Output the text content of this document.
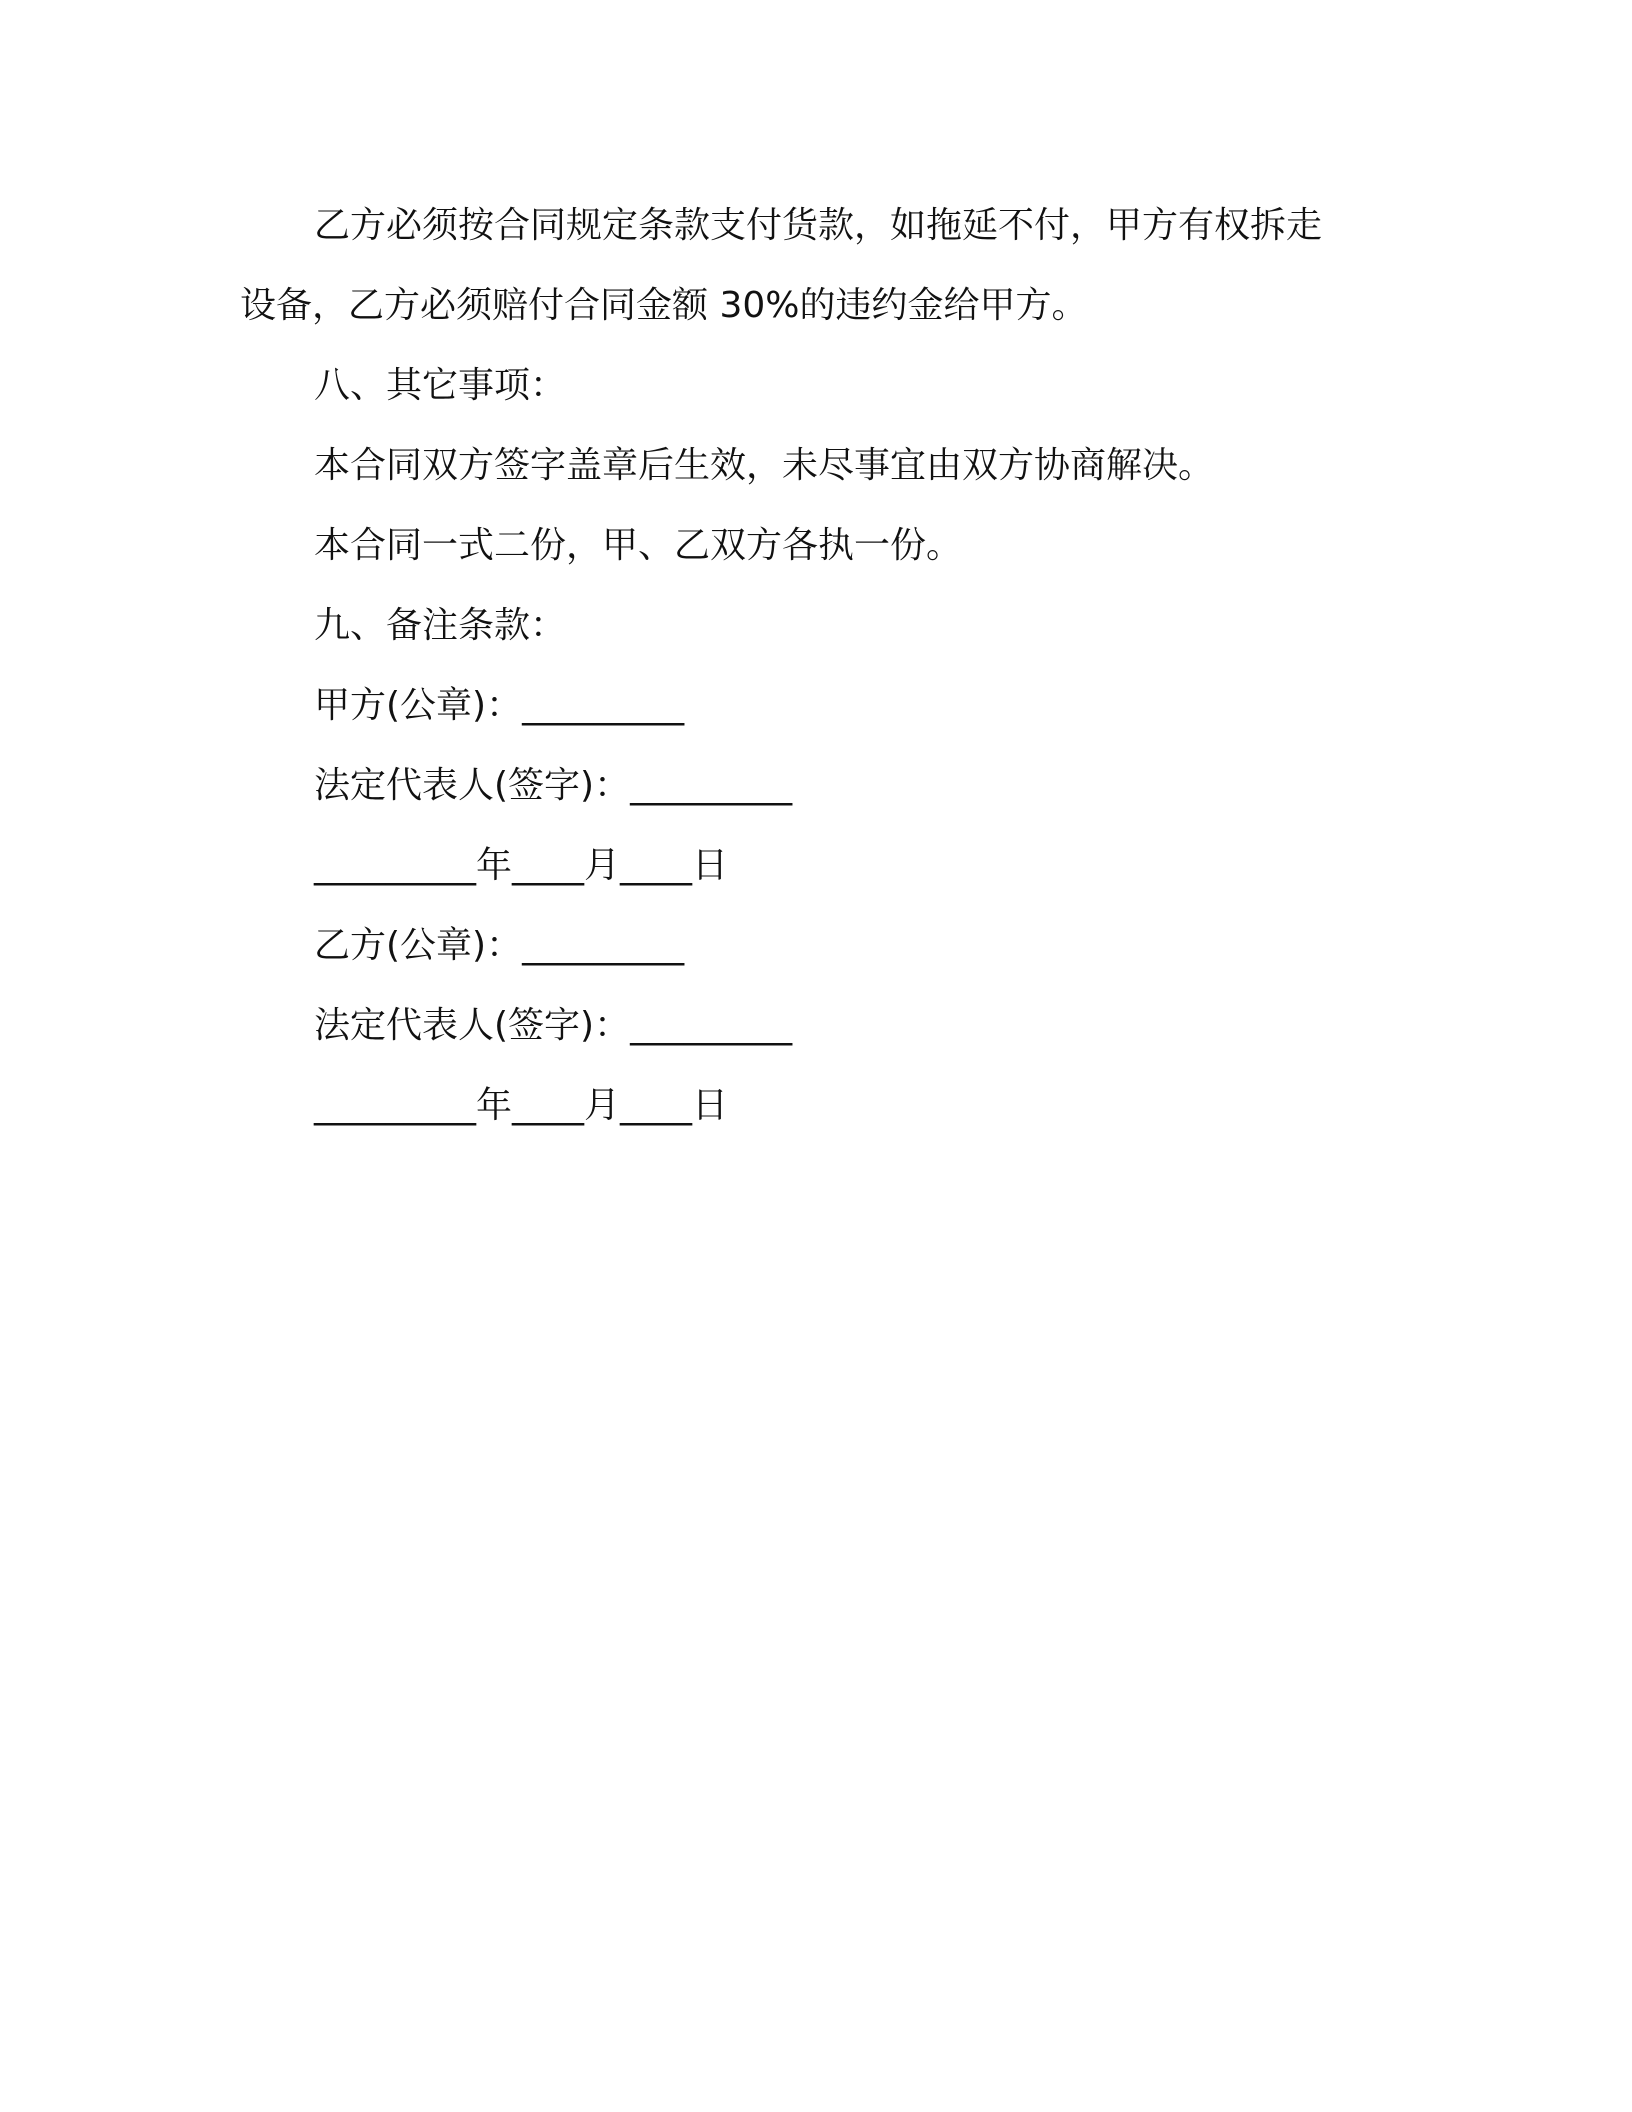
乙方必须按合同规定条款支付货款，如拖延不付，甲方有权拆走设备，乙方必须赔付合同金额 30%的违约金给甲方。

八、其它事项：

本合同双方签字盖章后生效，未尽事宜由双方协商解决。

本合同一式二份，甲、乙双方各执一份。

九、备注条款：

甲方(公章)：_________

法定代表人(签字)：_________

_________年____月____日

乙方(公章)：_________

法定代表人(签字)：_________

_________年____月____日
